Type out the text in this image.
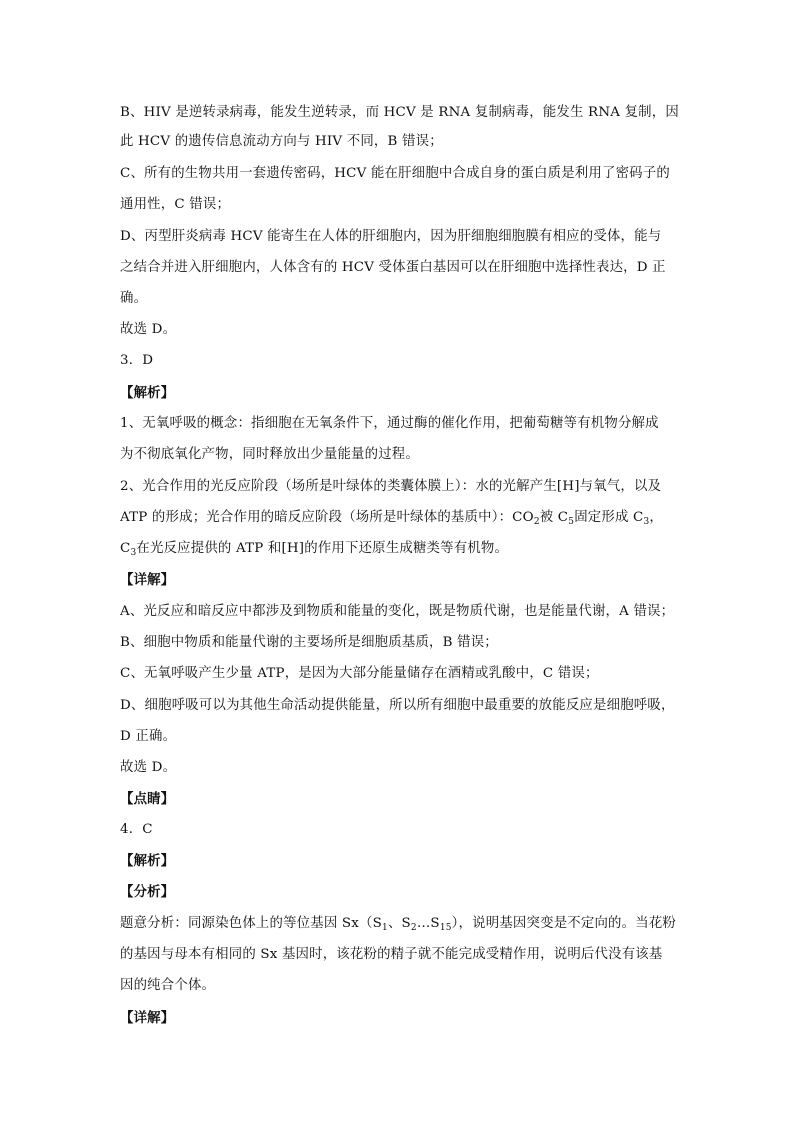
B、HIV 是逆转录病毒，能发生逆转录，而 HCV 是 RNA 复制病毒，能发生 RNA 复制，因
此 HCV 的遗传信息流动方向与 HIV 不同，B 错误；
C、所有的生物共用一套遗传密码，HCV 能在肝细胞中合成自身的蛋白质是利用了密码子的
通用性，C 错误；
D、丙型肝炎病毒 HCV 能寄生在人体的肝细胞内，因为肝细胞细胞膜有相应的受体，能与
之结合并进入肝细胞内，人体含有的 HCV 受体蛋白基因可以在肝细胞中选择性表达，D 正
确。
故选 D。
3．D
【解析】
1、无氧呼吸的概念：指细胞在无氧条件下，通过酶的催化作用，把葡萄糖等有机物分解成
为不彻底氧化产物，同时释放出少量能量的过程。
2、光合作用的光反应阶段（场所是叶绿体的类囊体膜上）：水的光解产生[H]与氧气，以及
ATP 的形成；光合作用的暗反应阶段（场所是叶绿体的基质中）：$CO_2$被 $C_5$固定形成 $C_3$，
$C_3$在光反应提供的 ATP 和[H]的作用下还原生成糖类等有机物。
【详解】
A、光反应和暗反应中都涉及到物质和能量的变化，既是物质代谢，也是能量代谢，A 错误；
B、细胞中物质和能量代谢的主要场所是细胞质基质，B 错误；
C、无氧呼吸产生少量 ATP，是因为大部分能量储存在酒精或乳酸中，C 错误；
D、细胞呼吸可以为其他生命活动提供能量，所以所有细胞中最重要的放能反应是细胞呼吸，
D 正确。
故选 D。
【点睛】
4．C
【解析】
【分析】
题意分析：同源染色体上的等位基因 $Sx(S_1$、$S_2\dots S_{15}$），说明基因突变是不定向的。当花粉
的基因与母本有相同的 Sx 基因时，该花粉的精子就不能完成受精作用，说明后代没有该基
因的纯合个体。
【详解】
